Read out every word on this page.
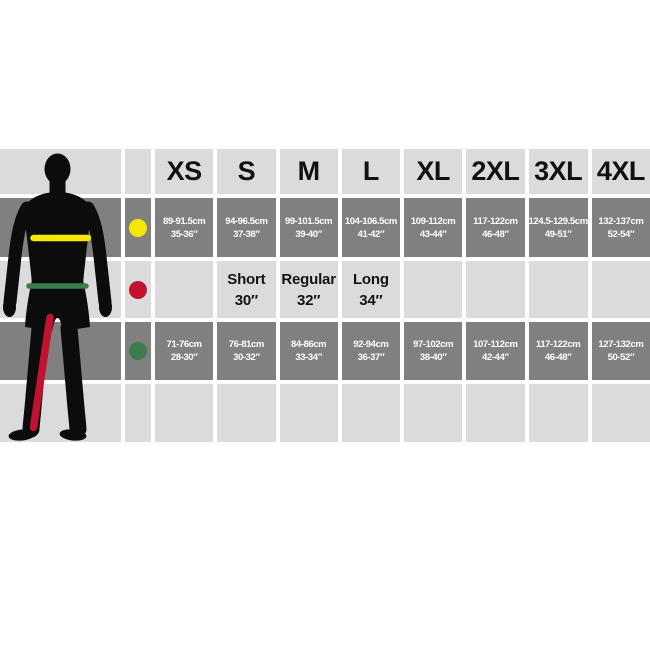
XS S M L XL 2XL 3XL 4XL
89-91.5cm
35-36″
94-96.5cm
37-38″
99-101.5cm
39-40″
104-106.5cm
41-42″
109-112cm
43-44″
117-122cm
46-48″
124.5-129.5cm
49-51″
132-137cm
52-54″
Short
30″
Regular
32″
Long
34″
71-76cm
28-30″
76-81cm
30-32″
84-86cm
33-34″
92-94cm
36-37″
97-102cm
38-40″
107-112cm
42-44″
117-122cm
46-48″
127-132cm
50-52″
